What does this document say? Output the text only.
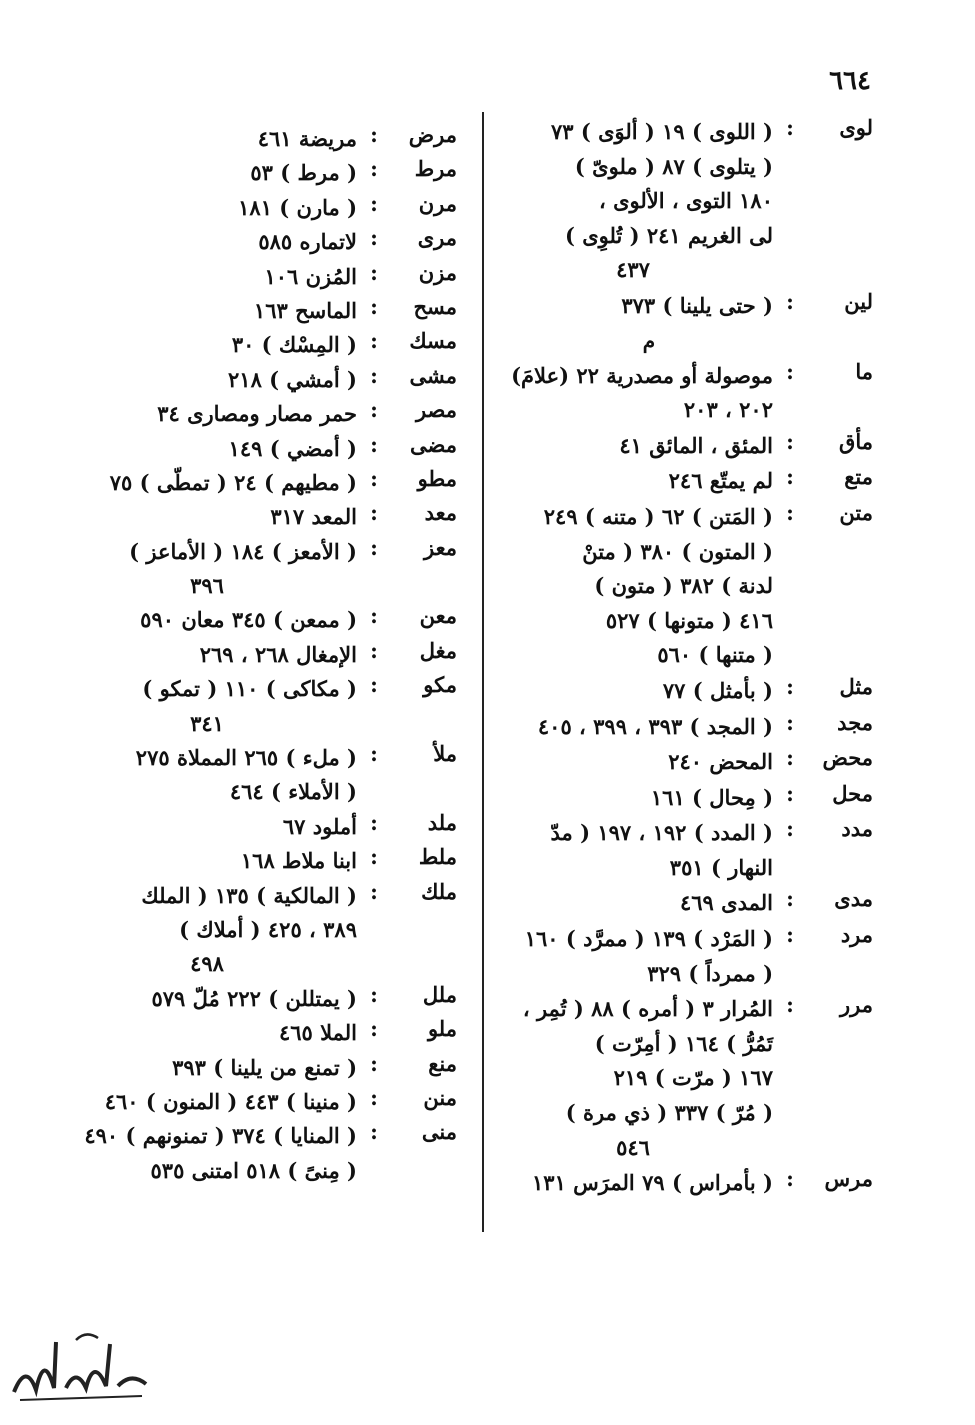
٦٦٤
لوى
:
( اللوى ) ١٩ ( ألوَى ) ٧٣
( يتلوى ) ٨٧ ( ملوىّ )
١٨٠ التوى ، الألوى ،
لى الغريم ٢٤١ ( تُلوِى )
٤٣٧
لين
:
( حتى يلينا ) ٣٧٣
م
ما
:
موصولة أو مصدرية ٢٢ (علامَ)
٢٠٢ ، ٢٠٣
مأق
:
المئق ، المائق ٤١
متع
:
لم يمتّع ٢٤٦
متن
:
( المَتن ) ٦٢ ( متنه ) ٢٤٩
( المتون ) ٣٨٠ ( متنْ
لدنة ) ٣٨٢ ( متون )
٤١٦ ( متونها ) ٥٢٧
( متنها ) ٥٦٠
مثل
:
( بأمثل ) ٧٧
مجد
:
( المجد ) ٣٩٣ ، ٣٩٩ ، ٤٠٥
محض
:
المحض ٢٤٠
محل
:
( مِحال ) ١٦١
مدد
:
( المدد ) ١٩٢ ، ١٩٧ ( مدّ
النهار ) ٣٥١
مدى
:
المدى ٤٦٩
مرد
:
( المَرْد ) ١٣٩ ( ممرَّد ) ١٦٠
( ممرداً ) ٣٢٩
مرر
:
المُرار ٣ ( أمره ) ٨٨ ( تُمِر ،
تَمُرُّ ) ١٦٤ ( أمِرّت )
١٦٧ ( مرّت ) ٢١٩
( مُرّ ) ٣٣٧ ( ذي مرة )
٥٤٦
مرس
:
( بأمراس ) ٧٩ المرَس ١٣١
مرض
:
مريضة ٤٦١
مرط
:
( مرط ) ٥٣
مرن
:
( مارن ) ١٨١
مرى
:
لاتماره ٥٨٥
مزن
:
المُزن ١٠٦
مسح
:
الماسح ١٦٣
مسك
:
( المِسْك ) ٣٠
مشى
:
( أمشي ) ٢١٨
مصر
:
حمر مصار ومصارى ٣٤
مضى
:
( أمضي ) ١٤٩
مطو
:
( مطيهم ) ٢٤ ( تمطّى ) ٧٥
معد
:
المعد ٣١٧
معز
:
( الأمعز ) ١٨٤ ( الأماعز )
٣٩٦
معن
:
( ممعن ) ٣٤٥ معان ٥٩٠
مغل
:
الإمغال ٢٦٨ ، ٢٦٩
مكو
:
( مكاكى ) ١١٠ ( تمكو )
٣٤١
ملأ
:
( ملء ) ٢٦٥ المملاة ٢٧٥
( الأملاء ) ٤٦٤
ملد
:
أملود ٦٧
ملط
:
ابنا ملاط ١٦٨
ملك
:
( المالكية ) ١٣٥ ( الملك
٣٨٩ ، ٤٢٥ ( أملاك )
٤٩٨
ملل
:
( يمتللن ) ٢٢٢ مُلّ ٥٧٩
ملو
:
الملا ٤٦٥
منع
:
( تمنع من يلينا ) ٣٩٣
منن
:
( منينا ) ٤٤٣ ( المنون ) ٤٦٠
منى
:
( المنايا ) ٣٧٤ ( تمنونهم ) ٤٩٠
( مِنىً ) ٥١٨ امتنى ٥٣٥
